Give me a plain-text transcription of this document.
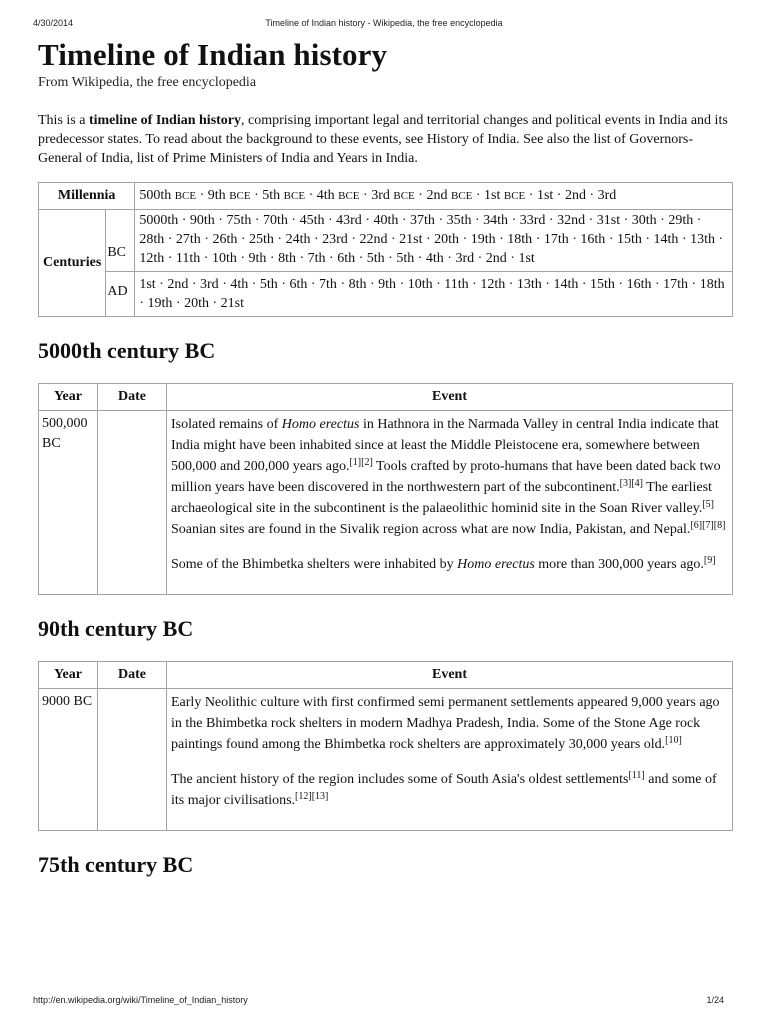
4/30/2014	Timeline of Indian history - Wikipedia, the free encyclopedia
Timeline of Indian history
From Wikipedia, the free encyclopedia

This is a timeline of Indian history, comprising important legal and territorial changes and political events in India and its predecessor states. To read about the background to these events, see History of India. See also the list of Governors-General of India, list of Prime Ministers of India and Years in India.

Millennia		500th BCE · 9th BCE · 5th BCE · 4th BCE · 3rd BCE · 2nd BCE · 1st BCE · 1st · 2nd · 3rd
Centuries	BC	5000th · 90th · 75th · 70th · 45th · 43rd · 40th · 37th · 35th · 34th · 33rd · 32nd · 31st · 30th · 29th · 28th · 27th · 26th · 25th · 24th · 23rd · 22nd · 21st · 20th · 19th · 18th · 17th · 16th · 15th · 14th · 13th · 12th · 11th · 10th · 9th · 8th · 7th · 6th · 5th · 5th · 4th · 3rd · 2nd · 1st
	AD	1st · 2nd · 3rd · 4th · 5th · 6th · 7th · 8th · 9th · 10th · 11th · 12th · 13th · 14th · 15th · 16th · 17th · 18th · 19th · 20th · 21st
5000th century BC
Year	Date	Event
500,000 BC		Isolated remains of Homo erectus in Hathnora in the Narmada Valley in central India indicate that India might have been inhabited since at least the Middle Pleistocene era, somewhere between 500,000 and 200,000 years ago.[1][2] Tools crafted by proto-humans that have been dated back two million years have been discovered in the northwestern part of the subcontinent.[3][4] The earliest archaeological site in the subcontinent is the palaeolithic hominid site in the Soan River valley.[5] Soanian sites are found in the Sivalik region across what are now India, Pakistan, and Nepal.[6][7][8]

Some of the Bhimbetka shelters were inhabited by Homo erectus more than 300,000 years ago.[9]

90th century BC
Year	Date	Event
9000 BC		Early Neolithic culture with first confirmed semi permanent settlements appeared 9,000 years ago in the Bhimbetka rock shelters in modern Madhya Pradesh, India. Some of the Stone Age rock paintings found among the Bhimbetka rock shelters are approximately 30,000 years old.[10]

The ancient history of the region includes some of South Asia's oldest settlements[11] and some of its major civilisations.[12][13]

75th century BC
http://en.wikipedia.org/wiki/Timeline_of_Indian_history	1/24
